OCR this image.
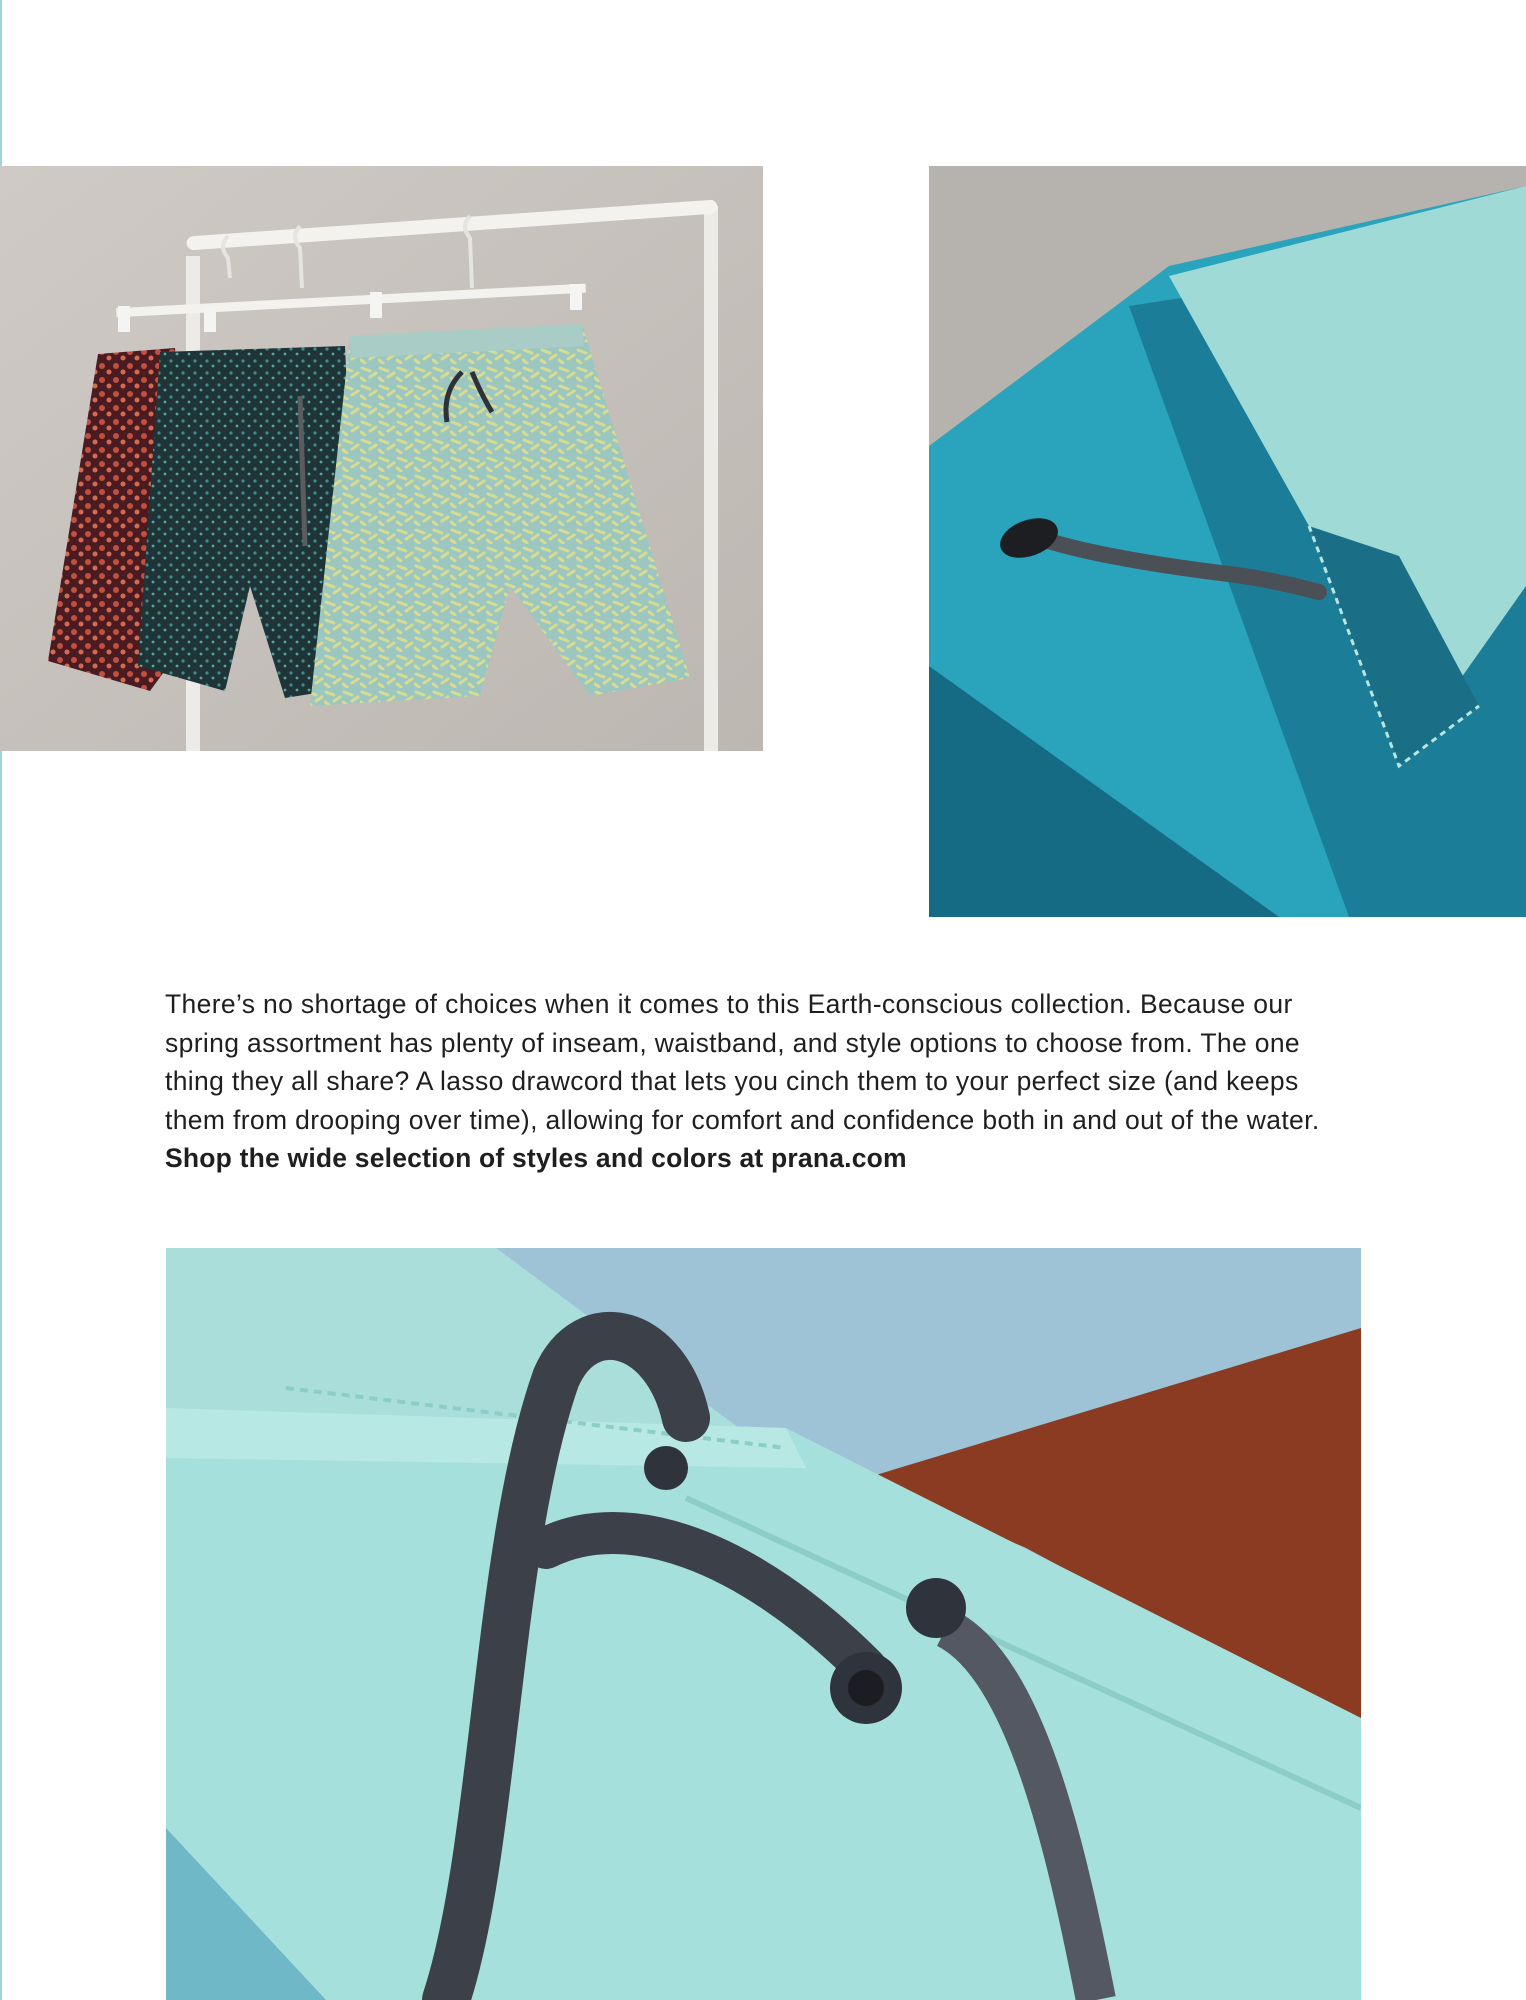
There’s no shortage of choices when it comes to this Earth-conscious collection. Because our

spring assortment has plenty of inseam, waistband, and style options to choose from. The one

thing they all share? A lasso drawcord that lets you cinch them to your perfect size (and keeps

them from drooping over time), allowing for comfort and confidence both in and out of the water.

Shop the wide selection of styles and colors at prana.com
